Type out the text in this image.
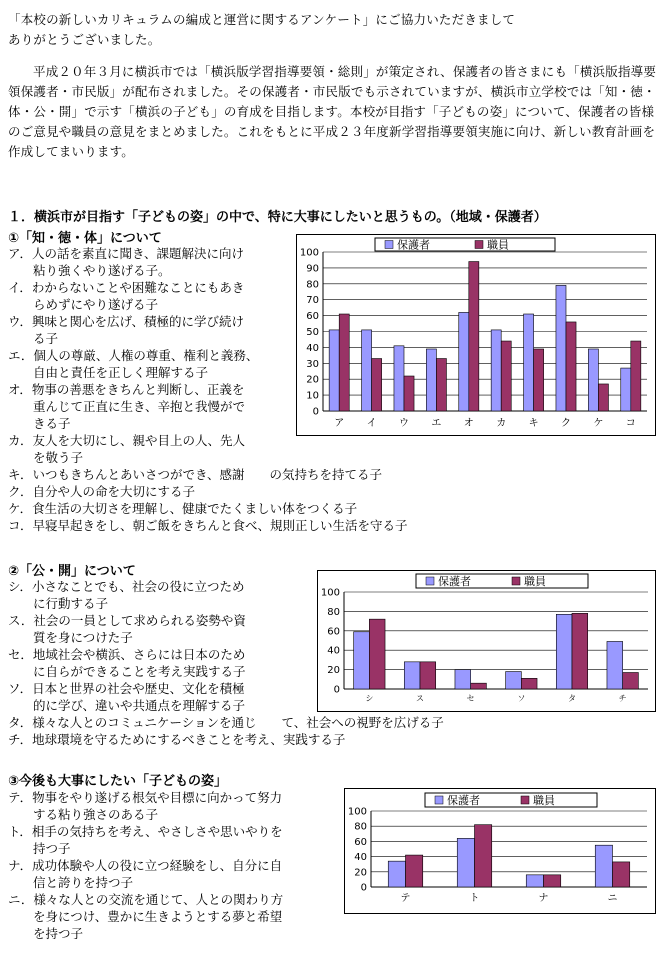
「本校の新しいカリキュラムの編成と運営に関するアンケート」にご協力いただきまして

ありがとうございました。

平成２０年３月に横浜市では「横浜版学習指導要領・総則」が策定され、保護者の皆さまにも「横浜版指導要領保護者・市民版」が配布されました。その保護者・市民版でも示されていますが、横浜市立学校では「知・徳・体・公・開」で示す「横浜の子ども」の育成を目指します。本校が目指す「子どもの姿」について、保護者の皆様のご意見や職員の意見をまとめました。これをもとに平成２３年度新学習指導要領実施に向け、新しい教育計画を作成してまいります。

１．横浜市が目指す「子どもの姿」の中で、特に大事にしたいと思うもの。（地域・保護者）
①「知・徳・体」について
ア．人の話を素直に聞き、課題解決に向け
　　粘り強くやり遂げる子。
イ．わからないことや困難なことにもあき
　　らめずにやり遂げる子
ウ．興味と関心を広げ、積極的に学び続け
　　る子
エ．個人の尊厳、人権の尊重、権利と義務、
　　自由と責任を正しく理解する子
オ．物事の善悪をきちんと判断し、正義を
　　重んじて正直に生き、辛抱と我慢がで
　　きる子
カ．友人を大切にし、親や目上の人、先人
　　を敬う子
キ．いつもきちんとあいさつができ、感謝　　の気持ちを持てる子
ク．自分や人の命を大切にする子
ケ．食生活の大切さを理解し、健康でたくましい体をつくる子
コ．早寝早起きをし、朝ご飯をきちんと食べ、規則正しい生活を守る子
保護者	職員
0
10
20
30
40
50
60
70
80
90
100
ア イ ウ エ オ カ キ ク ケ コ
②「公・開」について
シ．小さなことでも、社会の役に立つため
　　に行動する子
ス．社会の一員として求められる姿勢や資
　　質を身につけた子
セ．地域社会や横浜、さらには日本のため
　　に自らができることを考え実践する子
ソ．日本と世界の社会や歴史、文化を積極
　　的に学び、違いや共通点を理解する子
タ．様々な人とのコミュニケーションを通じ　　て、社会への視野を広げる子
チ．地球環境を守るためにするべきことを考え、実践する子
保護者	職員
0
20
40
60
80
100
シ	ス	セ	ソ	タ	チ
③今後も大事にしたい「子どもの姿」
テ．物事をやり遂げる根気や目標に向かって努力
　　する粘り強さのある子
ト．相手の気持ちを考え、やさしさや思いやりを
　　持つ子
ナ．成功体験や人の役に立つ経験をし、自分に自
　　信と誇りを持つ子
ニ．様々な人との交流を通じて、人との関わり方
　　を身につけ、豊かに生きようとする夢と希望
　　を持つ子
保護者	職員
0
20
40
60
80
100
テ	ト	ナ	ニ
